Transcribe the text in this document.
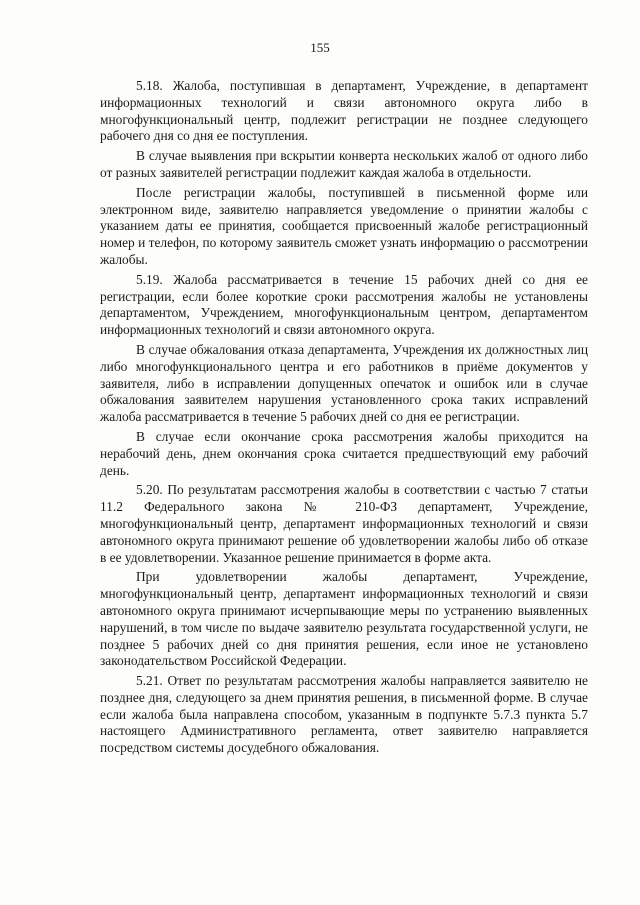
155

5.18. Жалоба, поступившая в департамент, Учреждение, в департамент информационных технологий и связи автономного округа либо в многофункциональный центр, подлежит регистрации не позднее следующего рабочего дня со дня ее поступления.

В случае выявления при вскрытии конверта нескольких жалоб от одного либо от разных заявителей регистрации подлежит каждая жалоба в отдельности.

После регистрации жалобы, поступившей в письменной форме или электронном виде, заявителю направляется уведомление о принятии жалобы с указанием даты ее принятия, сообщается присвоенный жалобе регистрационный номер и телефон, по которому заявитель сможет узнать информацию о рассмотрении жалобы.

5.19. Жалоба рассматривается в течение 15 рабочих дней со дня ее регистрации, если более короткие сроки рассмотрения жалобы не установлены департаментом, Учреждением, многофункциональным центром, департаментом информационных технологий и связи автономного округа.

В случае обжалования отказа департамента, Учреждения их должностных лиц либо многофункционального центра и его работников в приёме документов у заявителя, либо в исправлении допущенных опечаток и ошибок или в случае обжалования заявителем нарушения установленного срока таких исправлений жалоба рассматривается в течение 5 рабочих дней со дня ее регистрации.

В случае если окончание срока рассмотрения жалобы приходится на нерабочий день, днем окончания срока считается предшествующий ему рабочий день.

5.20. По результатам рассмотрения жалобы в соответствии с частью 7 статьи 11.2 Федерального закона № 210-ФЗ департамент, Учреждение, многофункциональный центр, департамент информационных технологий и связи автономного округа принимают решение об удовлетворении жалобы либо об отказе в ее удовлетворении. Указанное решение принимается в форме акта.

При удовлетворении жалобы департамент, Учреждение, многофункциональный центр, департамент информационных технологий и связи автономного округа принимают исчерпывающие меры по устранению выявленных нарушений, в том числе по выдаче заявителю результата государственной услуги, не позднее 5 рабочих дней со дня принятия решения, если иное не установлено законодательством Российской Федерации.

5.21. Ответ по результатам рассмотрения жалобы направляется заявителю не позднее дня, следующего за днем принятия решения, в письменной форме. В случае если жалоба была направлена способом, указанным в подпункте 5.7.3 пункта 5.7 настоящего Административного регламента, ответ заявителю направляется посредством системы досудебного обжалования.
